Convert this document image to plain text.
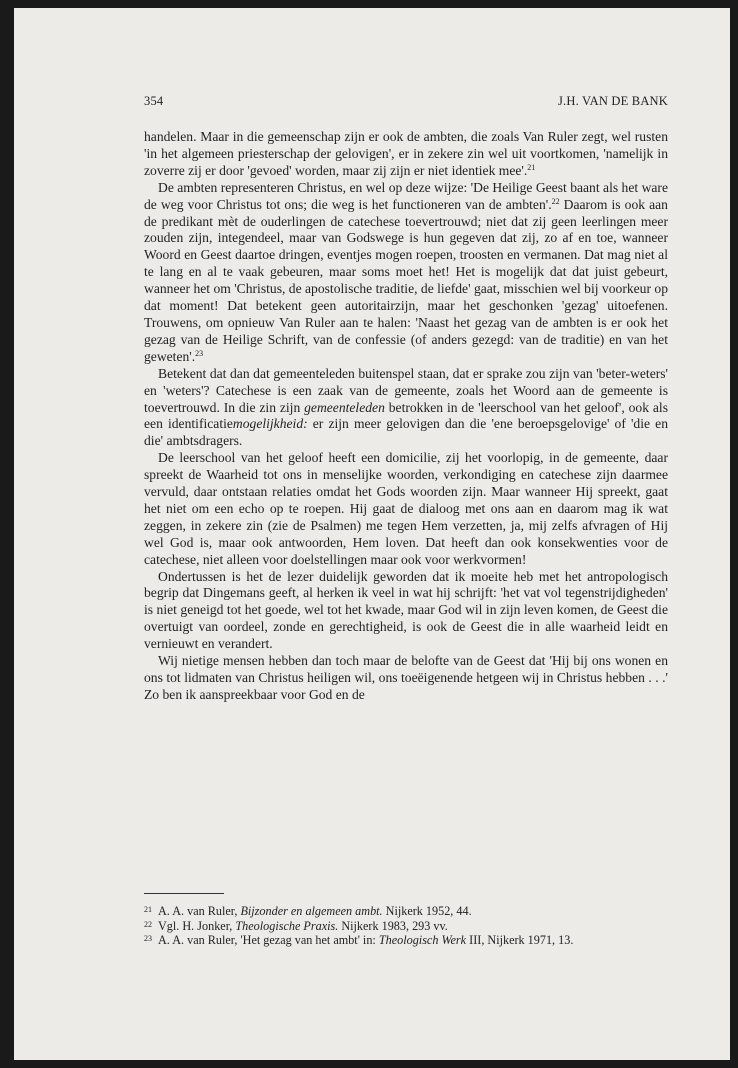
354	J.H. VAN DE BANK

handelen. Maar in die gemeenschap zijn er ook de ambten, die zoals Van Ruler zegt, wel rusten 'in het algemeen priesterschap der gelovigen', er in zekere zin wel uit voortkomen, 'namelijk in zoverre zij er door 'gevoed' worden, maar zij zijn er niet identiek mee'.$^{21}$

De ambten representeren Christus, en wel op deze wijze: 'De Heilige Geest baant als het ware de weg voor Christus tot ons; die weg is het functioneren van de ambten'.$^{22}$ Daarom is ook aan de predikant mèt de ouderlingen de catechese toevertrouwd; niet dat zij geen leerlingen meer zouden zijn, integendeel, maar van Godswege is hun gegeven dat zij, zo af en toe, wanneer Woord en Geest daartoe dringen, eventjes mogen roepen, troosten en vermanen. Dat mag niet al te lang en al te vaak gebeuren, maar soms moet het! Het is mogelijk dat dat juist gebeurt, wanneer het om 'Christus, de apostolische traditie, de liefde' gaat, misschien wel bij voorkeur op dat moment! Dat betekent geen autoritairzijn, maar het geschonken 'gezag' uitoefenen. Trouwens, om opnieuw Van Ruler aan te halen: 'Naast het gezag van de ambten is er ook het gezag van de Heilige Schrift, van de confessie (of anders gezegd: van de traditie) en van het geweten'.$^{23}$

Betekent dat dan dat gemeenteleden buitenspel staan, dat er sprake zou zijn van 'beter-weters' en 'weters'? Catechese is een zaak van de gemeente, zoals het Woord aan de gemeente is toevertrouwd. In die zin zijn gemeenteleden betrokken in de 'leerschool van het geloof', ook als een identificatiemogelijkheid: er zijn meer gelovigen dan die 'ene beroepsgelovige' of 'die en die' ambtsdragers.

De leerschool van het geloof heeft een domicilie, zij het voorlopig, in de gemeente, daar spreekt de Waarheid tot ons in menselijke woorden, verkondiging en catechese zijn daarmee vervuld, daar ontstaan relaties omdat het Gods woorden zijn. Maar wanneer Hij spreekt, gaat het niet om een echo op te roepen. Hij gaat de dialoog met ons aan en daarom mag ik wat zeggen, in zekere zin (zie de Psalmen) me tegen Hem verzetten, ja, mij zelfs afvragen of Hij wel God is, maar ook antwoorden, Hem loven. Dat heeft dan ook konsekwenties voor de catechese, niet alleen voor doelstellingen maar ook voor werkvormen!

Ondertussen is het de lezer duidelijk geworden dat ik moeite heb met het antropologisch begrip dat Dingemans geeft, al herken ik veel in wat hij schrijft: 'het vat vol tegenstrijdigheden' is niet geneigd tot het goede, wel tot het kwade, maar God wil in zijn leven komen, de Geest die overtuigt van oordeel, zonde en gerechtigheid, is ook de Geest die in alle waarheid leidt en vernieuwt en verandert.

Wij nietige mensen hebben dan toch maar de belofte van de Geest dat 'Hij bij ons wonen en ons tot lidmaten van Christus heiligen wil, ons toeëigenende hetgeen wij in Christus hebben . . .' Zo ben ik aanspreekbaar voor God en de

21 A. A. van Ruler, Bijzonder en algemeen ambt. Nijkerk 1952, 44.
22 Vgl. H. Jonker, Theologische Praxis. Nijkerk 1983, 293 vv.
23 A. A. van Ruler, 'Het gezag van het ambt' in: Theologisch Werk III, Nijkerk 1971, 13.
